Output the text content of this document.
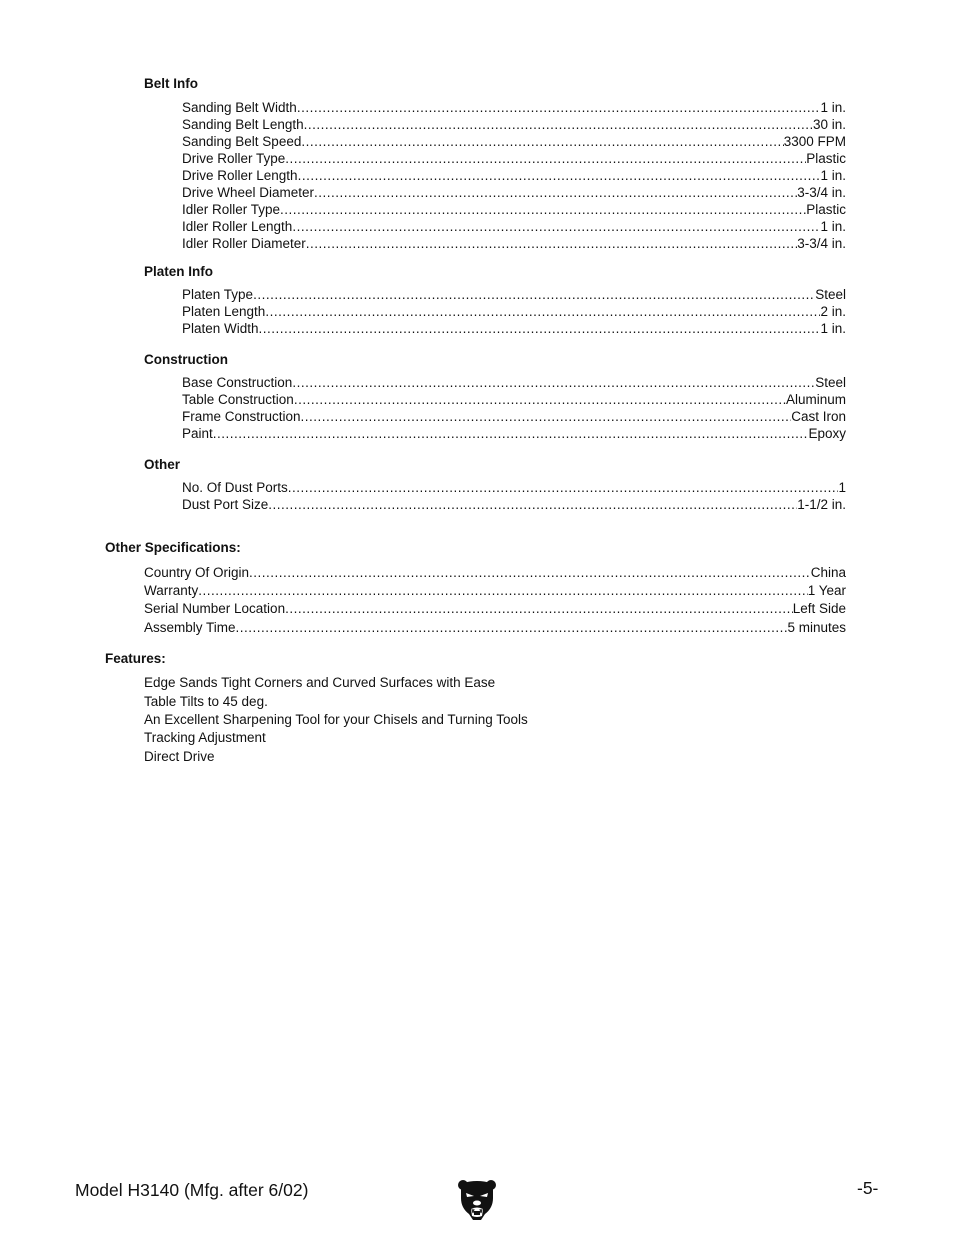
Belt Info
Sanding Belt Width .....	1 in.
Sanding Belt Length .....	30 in.
Sanding Belt Speed .....	3300 FPM
Drive Roller Type .....	Plastic
Drive Roller Length .....	1 in.
Drive Wheel Diameter .....	3-3/4 in.
Idler Roller Type .....	Plastic
Idler Roller Length .....	1 in.
Idler Roller Diameter .....	3-3/4 in.
Platen Info
Platen Type .....	Steel
Platen Length .....	2 in.
Platen Width .....	1 in.
Construction
Base Construction .....	Steel
Table Construction .....	Aluminum
Frame Construction .....	Cast Iron
Paint .....	Epoxy
Other
No. Of Dust Ports .....	1
Dust Port Size .....	1-1/2 in.
Other Specifications:
Country Of Origin .....	China
Warranty .....	1 Year
Serial Number Location .....	Left Side
Assembly Time .....	5 minutes
Features:
Edge Sands Tight Corners and Curved Surfaces with Ease
Table Tilts to 45 deg.
An Excellent Sharpening Tool for your Chisels and Turning Tools
Tracking Adjustment
Direct Drive
Model H3140 (Mfg. after 6/02)	-5-
